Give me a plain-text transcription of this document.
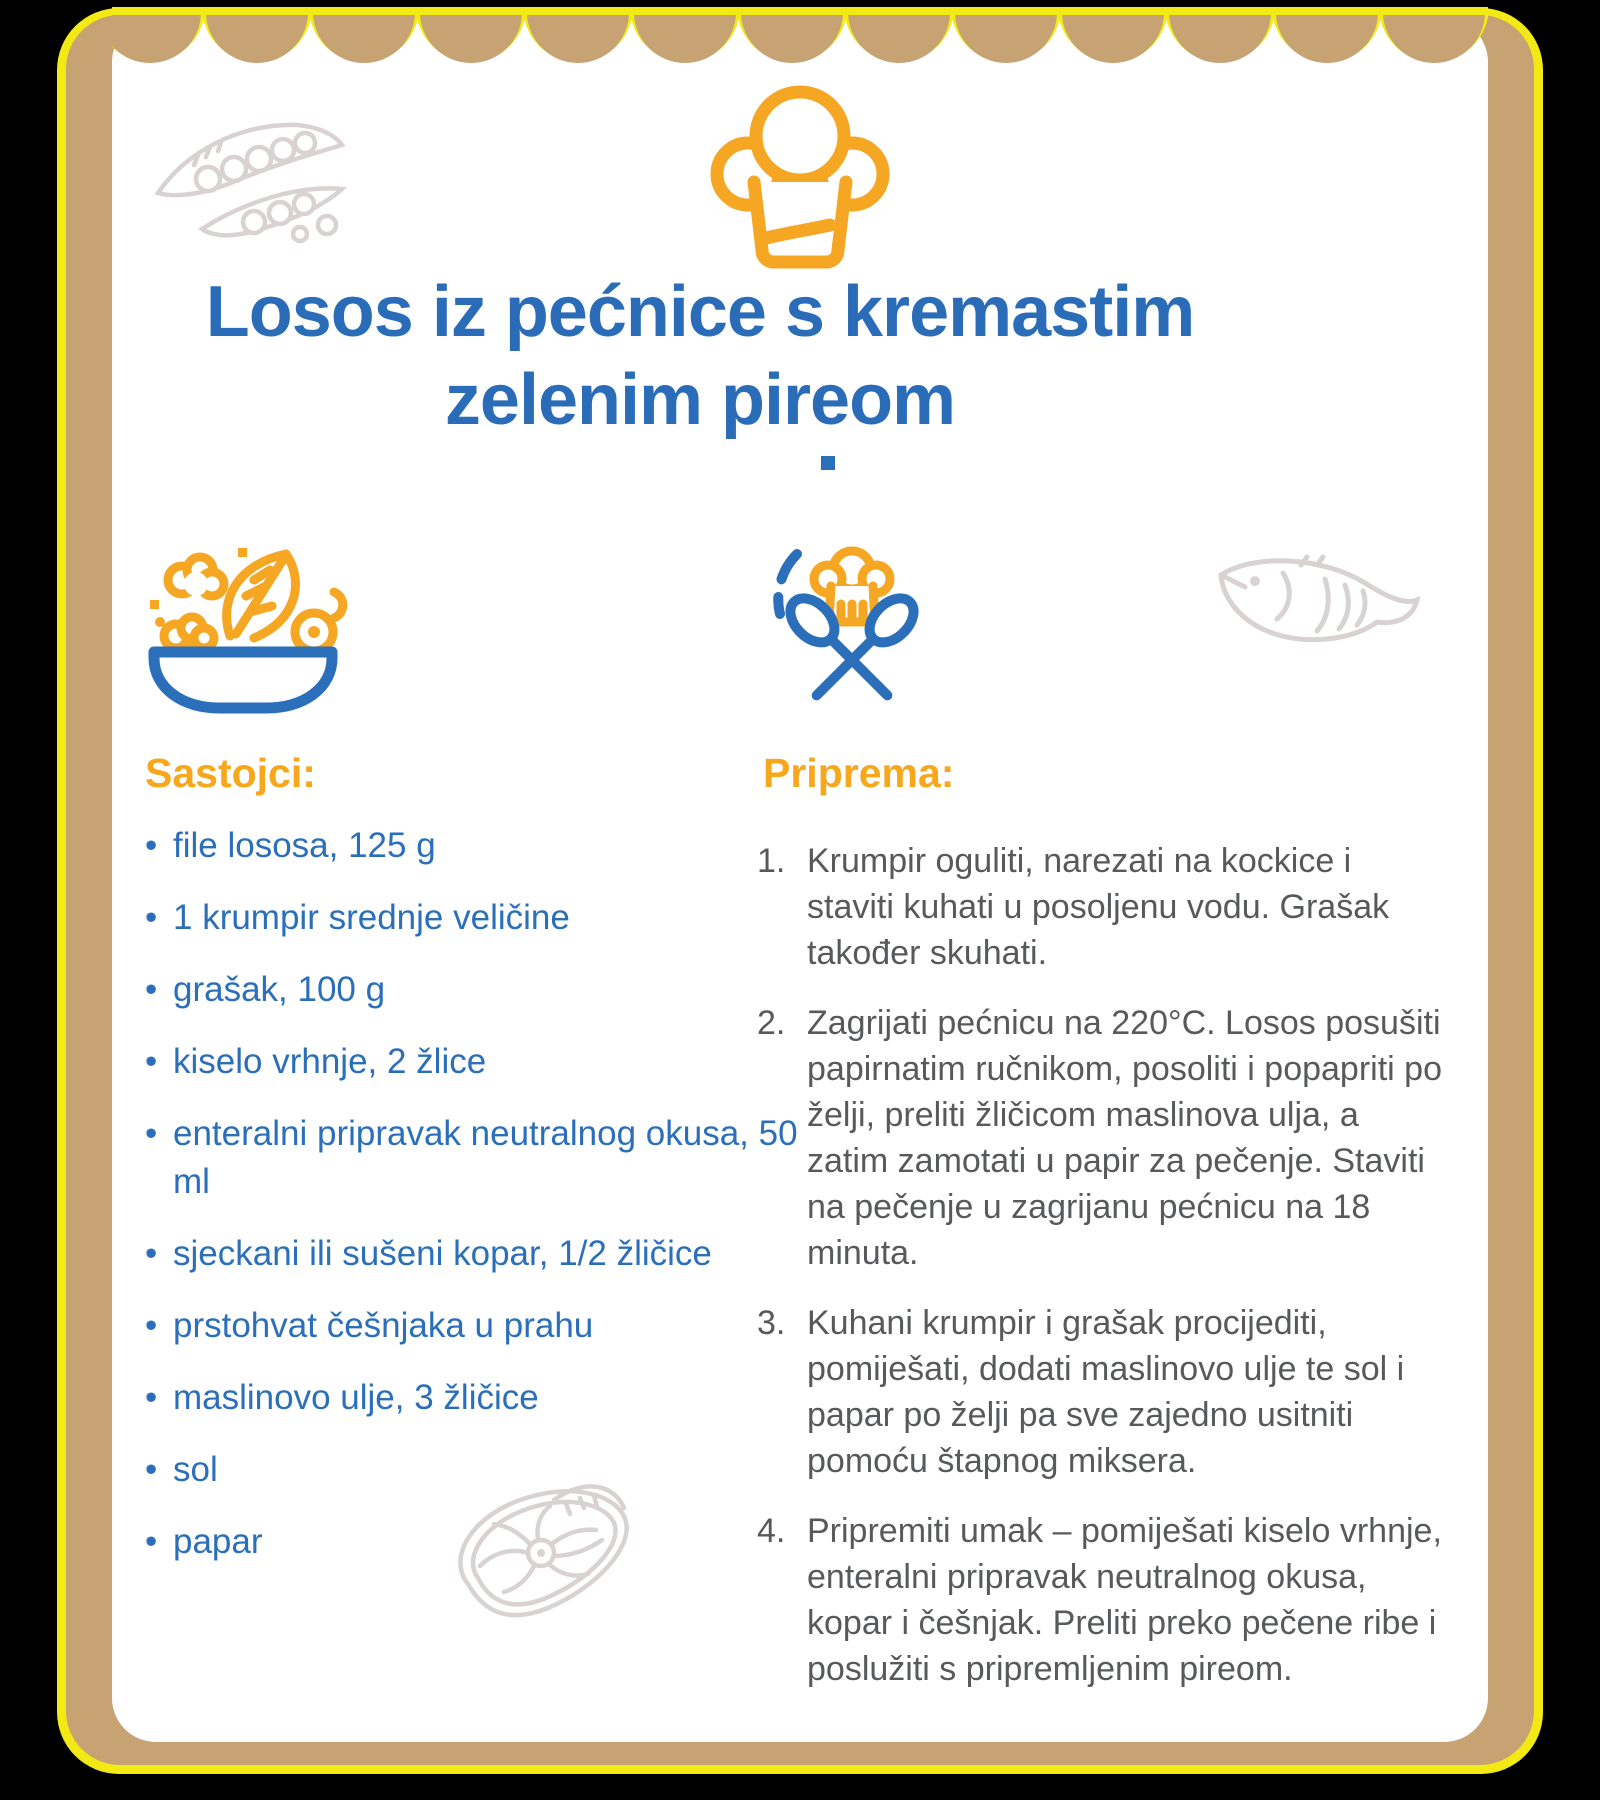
Losos iz pećnice s kremastim
zelenim pireom
Sastojci:
• file lososa, 125 g
• 1 krumpir srednje veličine
• grašak, 100 g
• kiselo vrhnje, 2 žlice
• enteralni pripravak neutralnog okusa, 50 ml
• sjeckani ili sušeni kopar, 1/2 žličice
• prstohvat češnjaka u prahu
• maslinovo ulje, 3 žličice
• sol
• papar
Priprema:
1. Krumpir oguliti, narezati na kockice i staviti kuhati u posoljenu vodu. Grašak također skuhati.
2. Zagrijati pećnicu na 220°C. Losos posušiti papirnatim ručnikom, posoliti i popapriti po želji, preliti žličicom maslinova ulja, a zatim zamotati u papir za pečenje. Staviti na pečenje u zagrijanu pećnicu na 18 minuta.
3. Kuhani krumpir i grašak procijediti, pomiješati, dodati maslinovo ulje te sol i papar po želji pa sve zajedno usitniti pomoću štapnog miksera.
4. Pripremiti umak – pomiješati kiselo vrhnje, enteralni pripravak neutralnog okusa, kopar i češnjak. Preliti preko pečene ribe i poslužiti s pripremljenim pireom.
